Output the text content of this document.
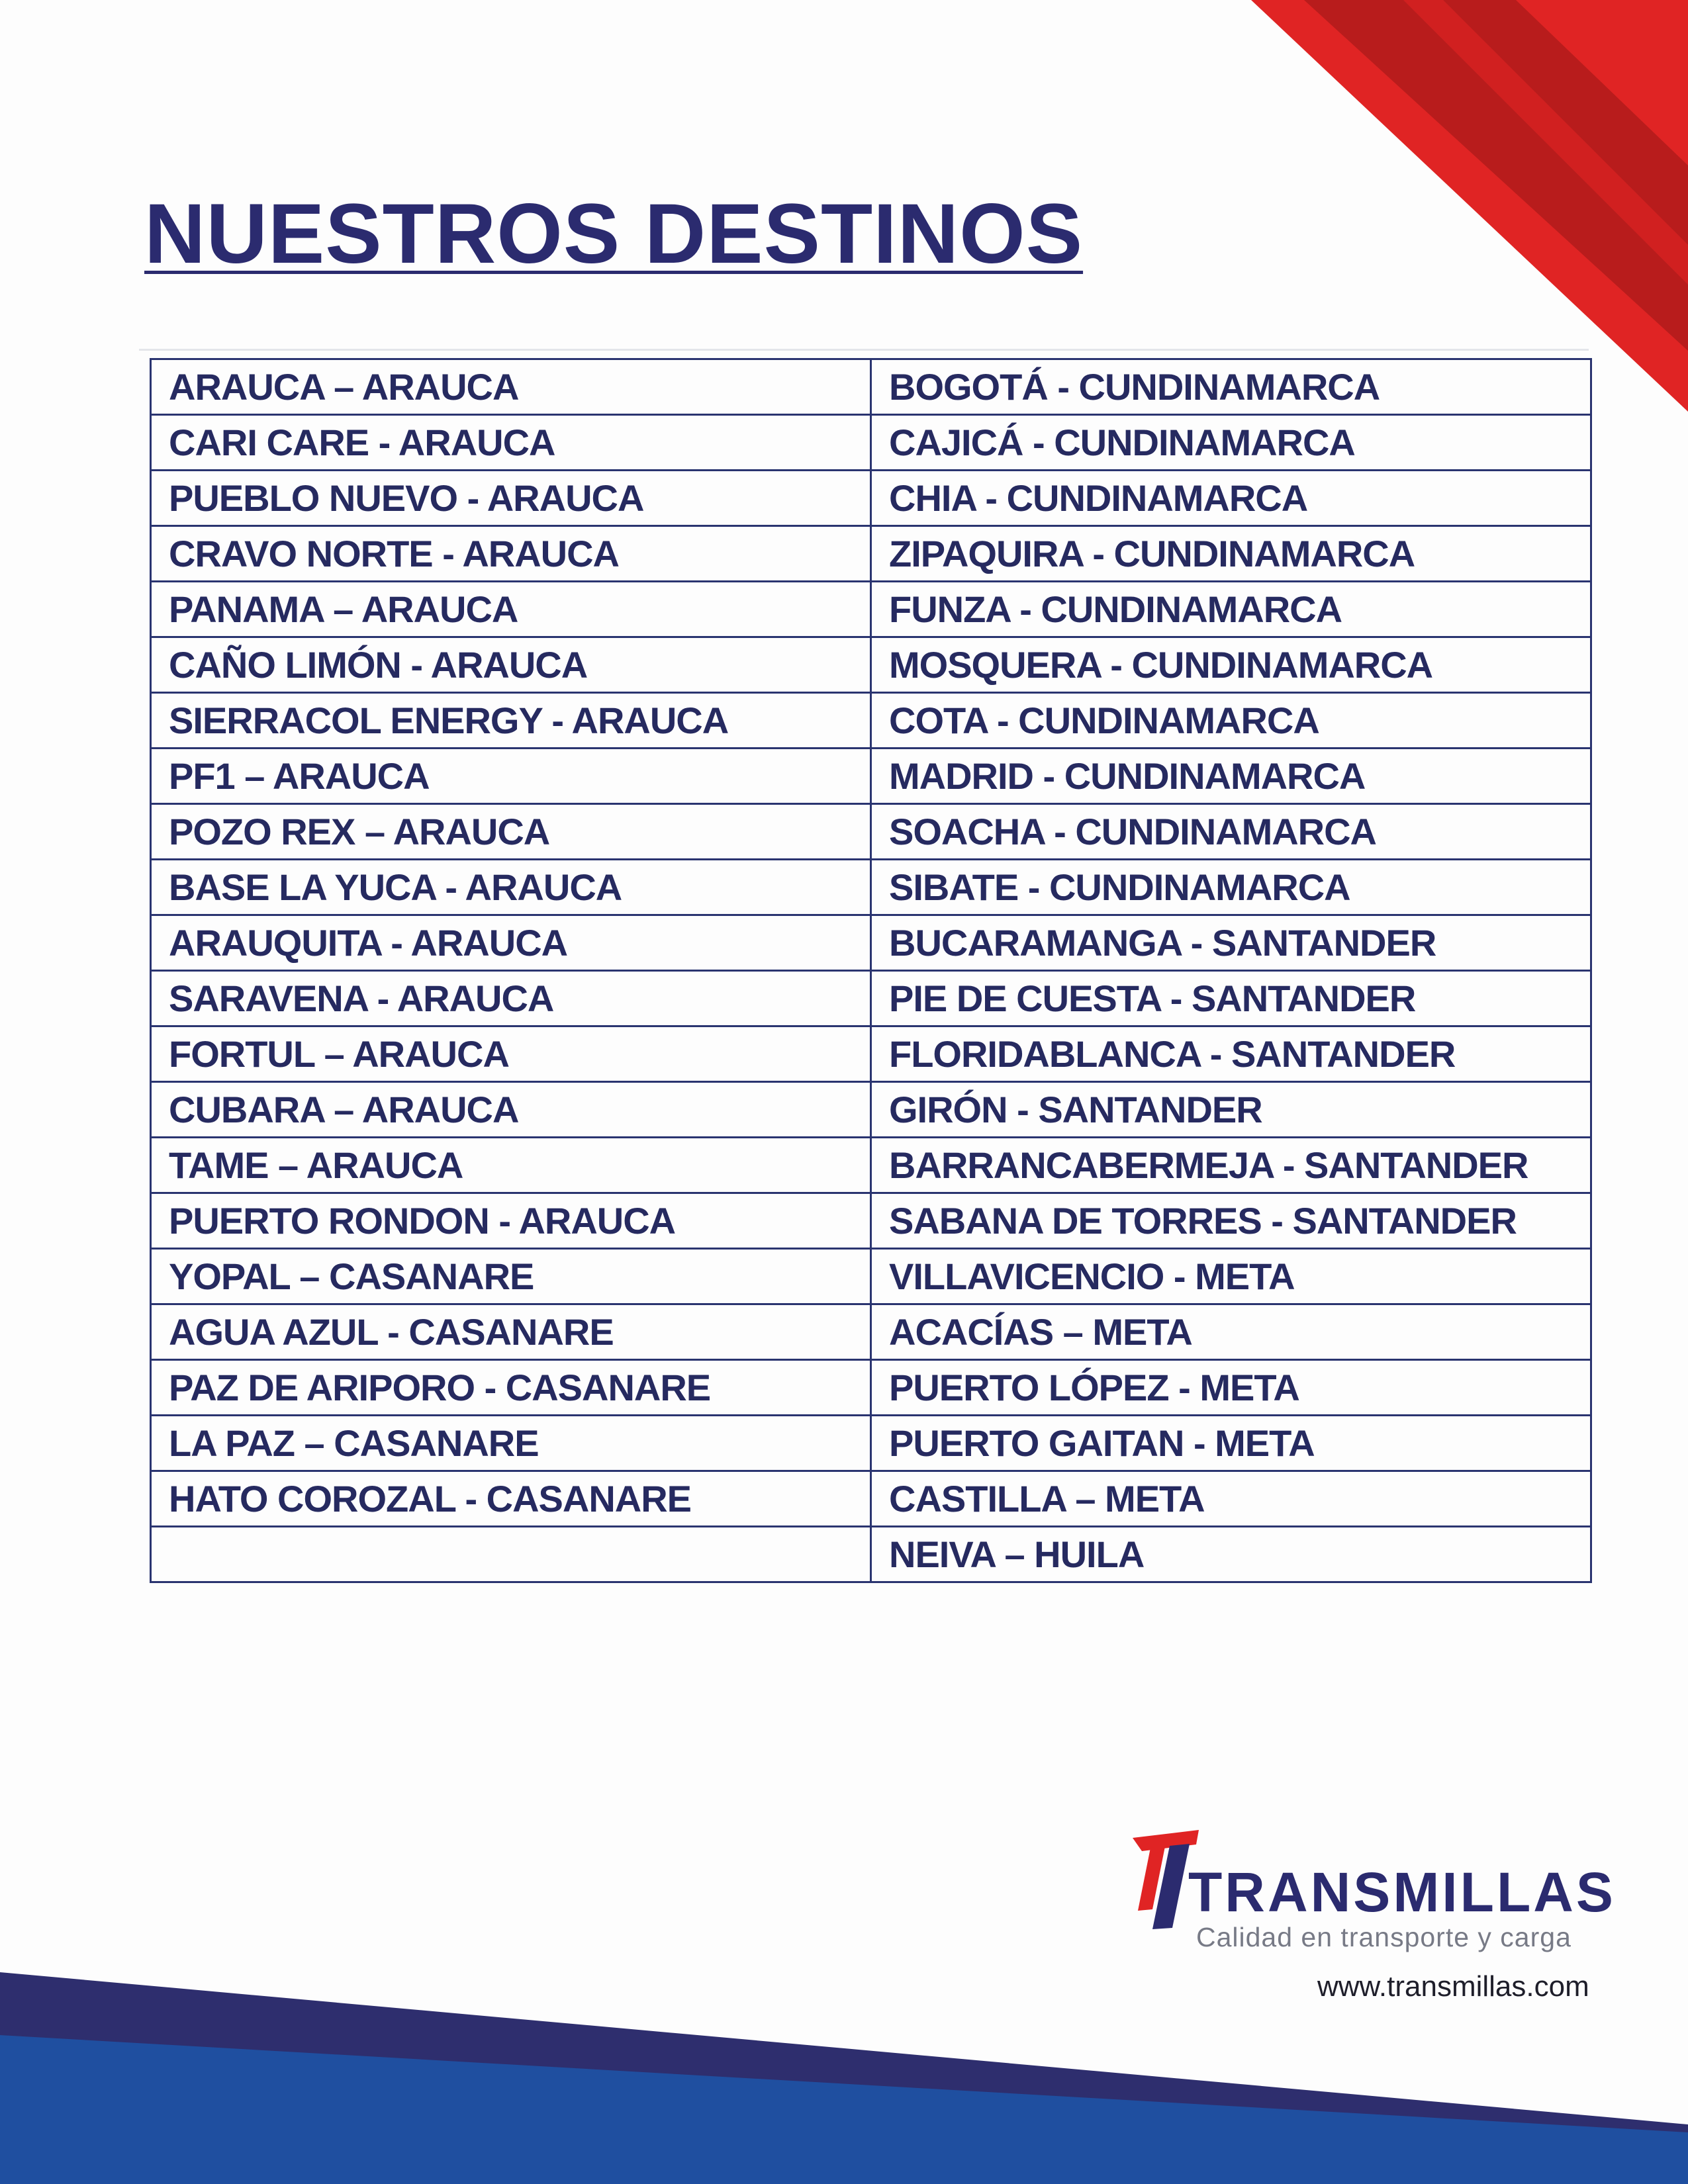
NUESTROS DESTINOS
ARAUCA – ARAUCA	BOGOTÁ - CUNDINAMARCA
CARI CARE - ARAUCA	CAJICÁ - CUNDINAMARCA
PUEBLO NUEVO - ARAUCA	CHIA - CUNDINAMARCA
CRAVO NORTE - ARAUCA	ZIPAQUIRA - CUNDINAMARCA
PANAMA – ARAUCA	FUNZA - CUNDINAMARCA
CAÑO LIMÓN - ARAUCA	MOSQUERA - CUNDINAMARCA
SIERRACOL ENERGY - ARAUCA	COTA - CUNDINAMARCA
PF1 – ARAUCA	MADRID - CUNDINAMARCA
POZO REX – ARAUCA	SOACHA - CUNDINAMARCA
BASE LA YUCA - ARAUCA	SIBATE - CUNDINAMARCA
ARAUQUITA - ARAUCA	BUCARAMANGA - SANTANDER
SARAVENA - ARAUCA	PIE DE CUESTA - SANTANDER
FORTUL – ARAUCA	FLORIDABLANCA - SANTANDER
CUBARA – ARAUCA	GIRÓN - SANTANDER
TAME – ARAUCA	BARRANCABERMEJA - SANTANDER
PUERTO RONDON - ARAUCA	SABANA DE TORRES - SANTANDER
YOPAL – CASANARE	VILLAVICENCIO - META
AGUA AZUL - CASANARE	ACACÍAS – META
PAZ DE ARIPORO - CASANARE	PUERTO LÓPEZ - META
LA PAZ – CASANARE	PUERTO GAITAN - META
HATO COROZAL - CASANARE	CASTILLA – META
	NEIVA – HUILA
TRANSMILLAS
Calidad en transporte y carga
www.transmillas.com
